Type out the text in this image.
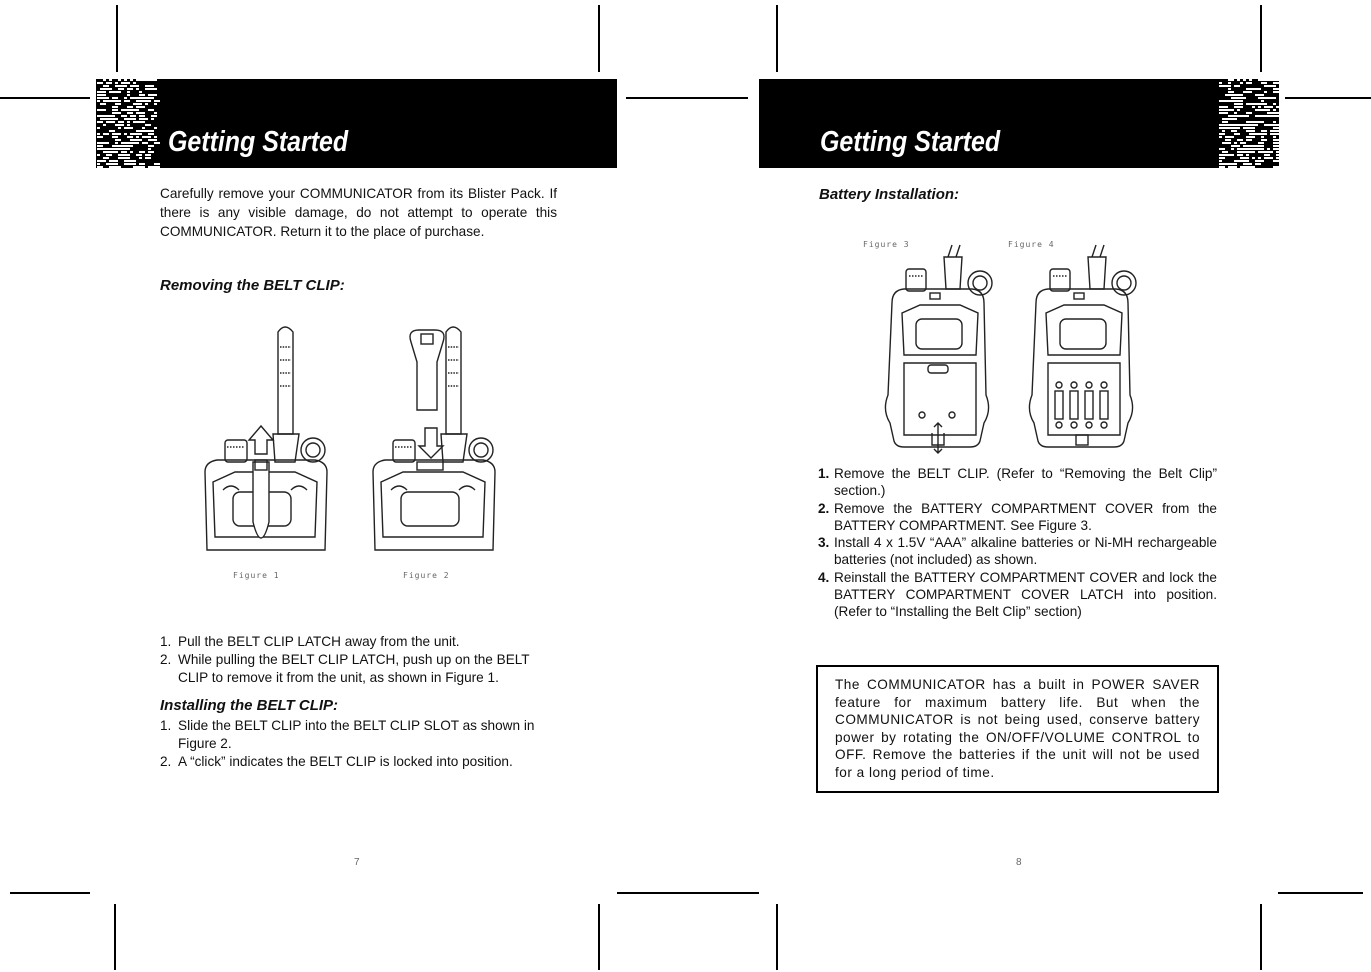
Getting Started
Carefully remove your COMMUNICATOR from its Blister Pack. If there is any visible damage, do not attempt to operate this COMMUNICATOR. Return it to the place of purchase.
Removing the BELT CLIP:
Figure 1	Figure 2
1. Pull the BELT CLIP LATCH away from the unit.
2. While pulling the BELT CLIP LATCH, push up on the BELT CLIP to remove it from the unit, as shown in Figure 1.
Installing the BELT CLIP:
1. Slide the BELT CLIP into the BELT CLIP SLOT as shown in Figure 2.
2. A “click” indicates the BELT CLIP is locked into position.
7
Getting Started
Battery Installation:
Figure 3	Figure 4
1. Remove the BELT CLIP. (Refer to “Removing the Belt Clip” section.)
2. Remove the BATTERY COMPARTMENT COVER from the BATTERY COMPARTMENT. See Figure 3.
3. Install 4 x 1.5V “AAA” alkaline batteries or Ni-MH rechargeable batteries (not included) as shown.
4. Reinstall the BATTERY COMPARTMENT COVER and lock the BATTERY COMPARTMENT COVER LATCH into position. (Refer to “Installing the Belt Clip” section)
The COMMUNICATOR has a built in POWER SAVER feature for maximum battery life. But when the COMMUNICATOR is not being used, conserve battery power by rotating the ON/OFF/VOLUME CONTROL to OFF. Remove the batteries if the unit will not be used for a long period of time.
8
